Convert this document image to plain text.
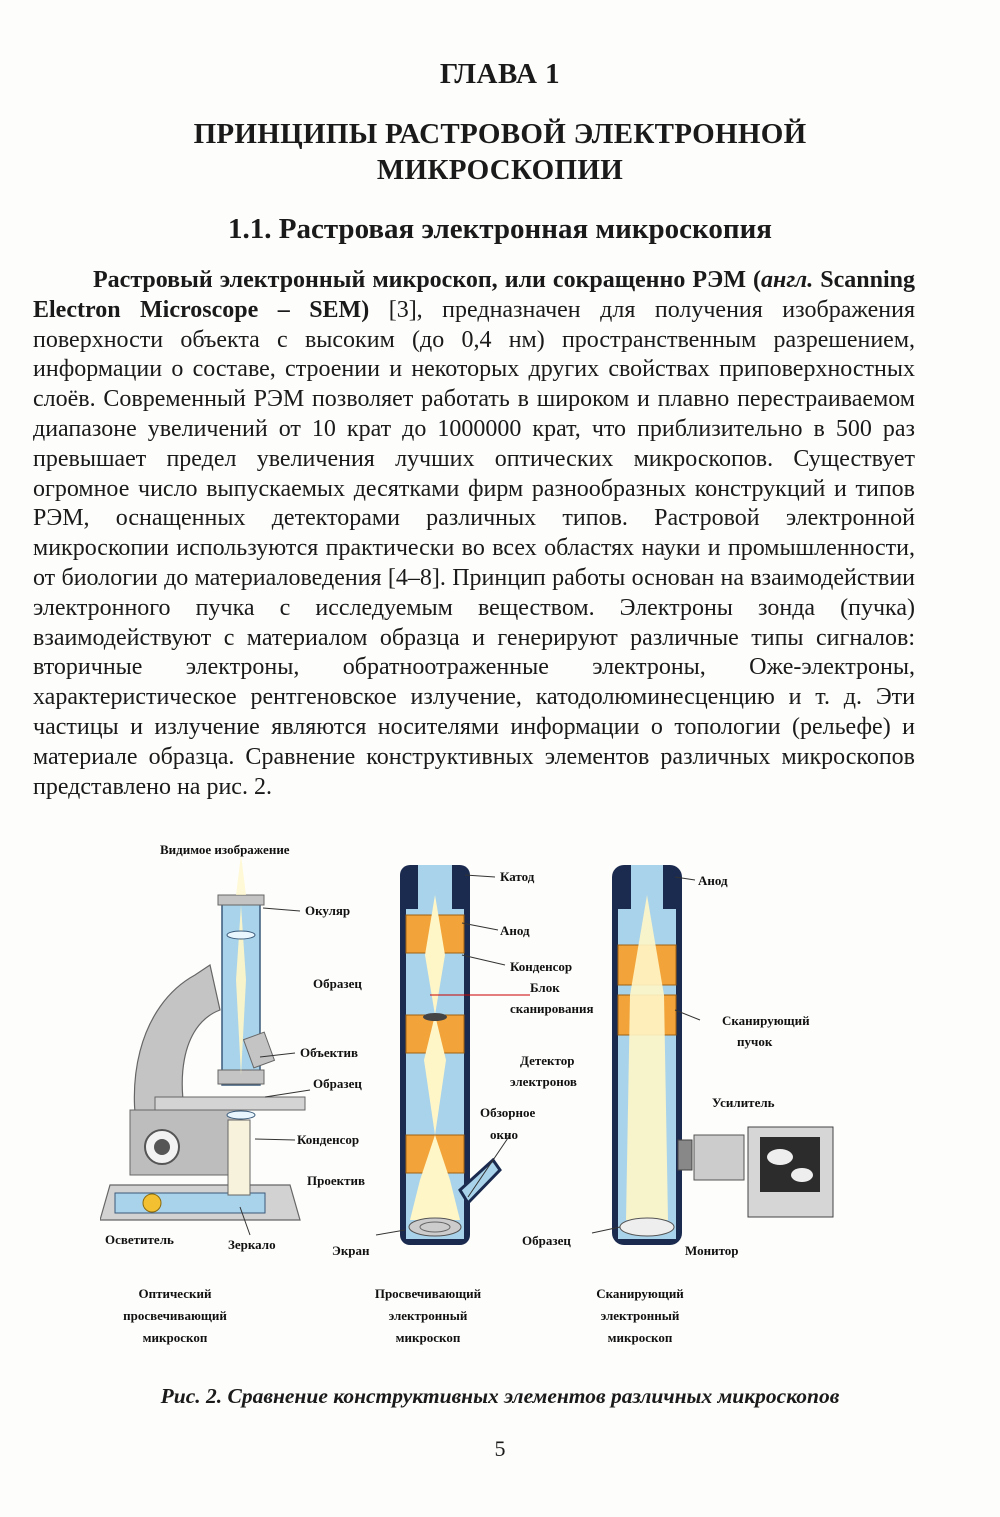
ГЛАВА 1
ПРИНЦИПЫ РАСТРОВОЙ ЭЛЕКТРОННОЙ
МИКРОСКОПИИ
1.1. Растровая электронная микроскопия

Растровый электронный микроскоп, или сокращенно РЭМ (англ. Scanning Electron Microscope – SEM) [3], предназначен для получения изображения поверхности объекта с высоким (до 0,4 нм) пространственным разрешением, информации о составе, строении и некоторых других свойствах приповерхностных слоёв. Современный РЭМ позволяет работать в широком и плавно перестраиваемом диапазоне увеличений от 10 крат до 1000000 крат, что приблизительно в 500 раз превышает предел увеличения лучших оптических микроскопов. Существует огромное число выпускаемых десятками фирм разнообразных конструкций и типов РЭМ, оснащенных детекторами различных типов. Растровой электронной микроскопии используются практически во всех областях науки и промышленности, от биологии до материаловедения [4–8]. Принцип работы основан на взаимодействии электронного пучка с исследуемым веществом. Электроны зонда (пучка) взаимодействуют с материалом образца и генерируют различные типы сигналов: вторичные электроны, обратноотраженные электроны, Оже-электроны, характеристическое рентгеновское излучение, катодолюминесценцию и т. д. Эти частицы и излучение являются носителями информации о топологии (рельефе) и материале образца. Сравнение конструктивных элементов различных микроскопов представлено на рис. 2.

Видимое изображение
Окуляр
Образец
Объектив
Образец
Конденсор
Проектив
Осветитель	Зеркало
Оптический
просвечивающий
микроскоп
Катод
Анод
Конденсор
Блок
сканирования
Детектор
электронов
Обзорное
окно
Экран
Просвечивающий
электронный
микроскоп
Анод
Сканирующий
пучок
Усилитель
Образец
Монитор
Сканирующий
электронный
микроскоп
Рис. 2. Сравнение конструктивных элементов различных микроскопов
5
